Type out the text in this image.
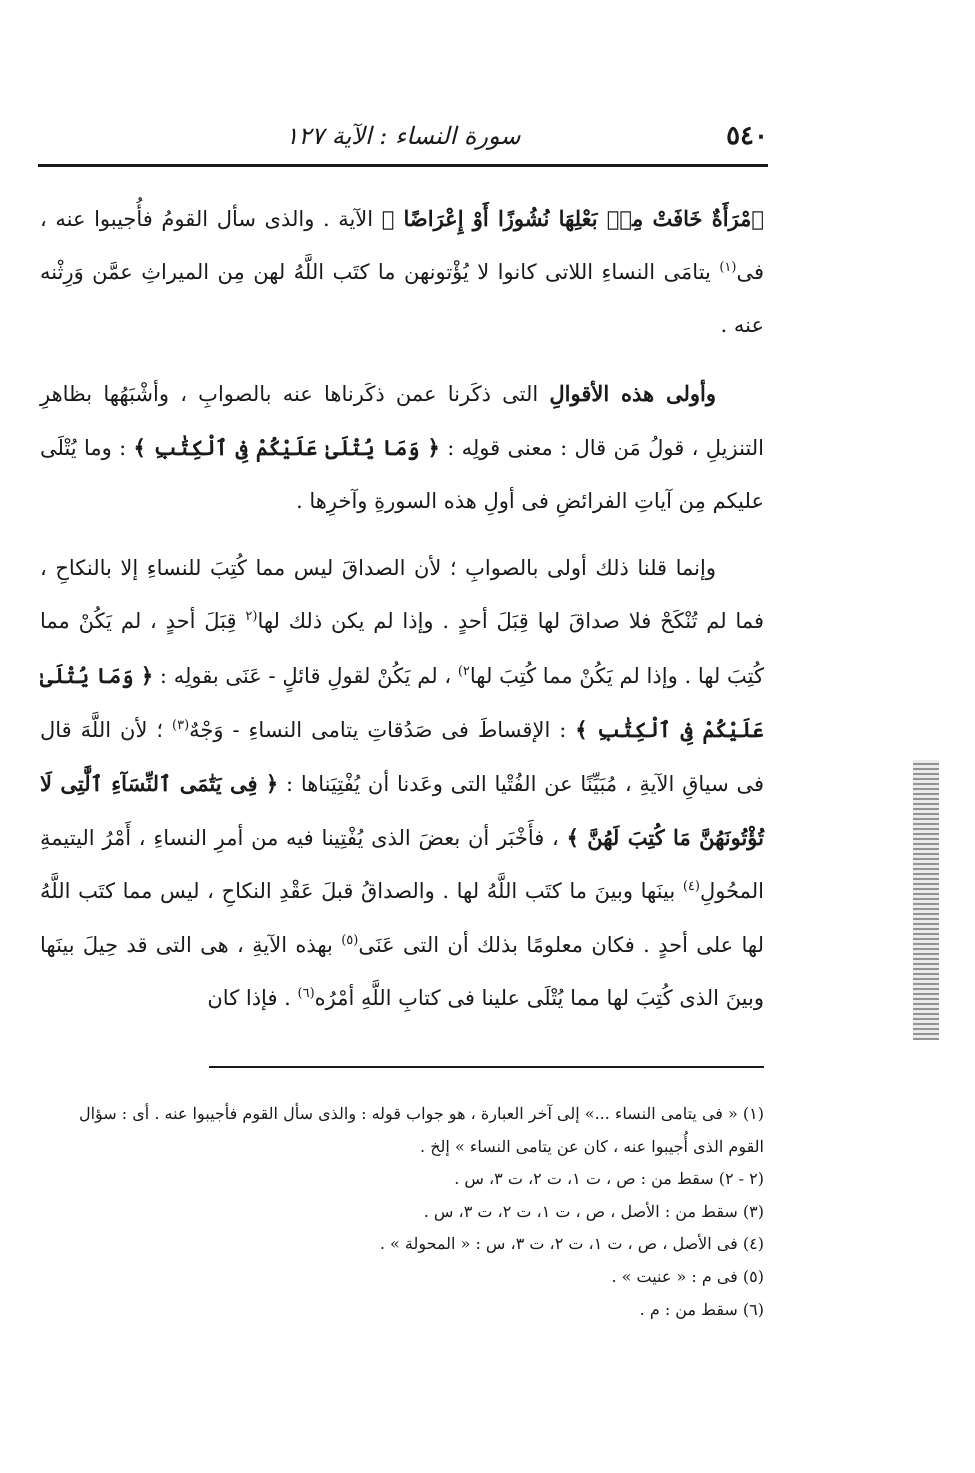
٥٤٠
سورة النساء : الآية ١٢٧

ٱمْرَأَةٌ خَافَتْ مِنۢ بَعْلِهَا نُشُوزًا أَوْ إِعْرَاضًا ﴾ الآية . والذى سأل القومُ فأُجيبوا عنه ، فى$^{(١)}$ يتامَى النساءِ اللاتى كانوا لا يُؤْتونهن ما كتَب اللَّهُ لهن مِن الميراثِ عمَّن وَرِثْنه عنه .

وأولى هذه الأقوالِ التى ذكَرنا عمن ذكَرناها عنه بالصوابِ ، وأشْبَهُها بظاهرِ التنزيلِ ، قولُ مَن قال : معنى قولِه : ﴿ وَمَا يُتْلَىٰ عَلَيْكُمْ فِى ٱلْكِتَٰبِ ﴾ : وما يُتْلَى عليكم مِن آياتِ الفرائضِ فى أولِ هذه السورةِ وآخرِها .

وإنما قلنا ذلك أولى بالصوابِ ؛ لأن الصداقَ ليس مما كُتِبَ للنساءِ إلا بالنكاحِ ، فما لم تُنْكَحْ فلا صداقَ لها قِبَلَ أحدٍ . وإذا لم يكن ذلك لها$^{(٢}$ قِبَلَ أحدٍ ، لم يَكُنْ مما كُتِبَ لها . وإذا لم يَكُنْ مما كُتِبَ لها$^{٢)}$ ، لم يَكُنْ لقولِ قائلٍ - عَنَى بقولِه : ﴿ وَمَا يُتْلَىٰ عَلَيْكُمْ فِى ٱلْكِتَٰبِ ﴾ : الإقساطَ فى صَدُقاتِ يتامى النساءِ - وَجْهٌ$^{(٣)}$ ؛ لأن اللَّهَ قال فى سياقِ الآيةِ ، مُبَيِّنًا عن الفُتْيا التى وعَدنا أن يُفْتِيَناها : ﴿ فِى يَتَٰمَى ٱلنِّسَآءِ ٱلَّٰتِى لَا تُؤْتُونَهُنَّ مَا كُتِبَ لَهُنَّ ﴾ ، فأَخْبَر أن بعضَ الذى يُفْتِينا فيه من أمرِ النساءِ ، أَمْرُ اليتيمةِ المحُولِ$^{(٤)}$ بينَها وبينَ ما كتَب اللَّهُ لها . والصداقُ قبلَ عَقْدِ النكاحِ ، ليس مما كتَب اللَّهُ لها على أحدٍ . فكان معلومًا بذلك أن التى عَنَى$^{(٥)}$ بهذه الآيةِ ، هى التى قد حِيلَ بينَها وبينَ الذى كُتِبَ لها مما يُتْلَى علينا فى كتابِ اللَّهِ أمْرُه$^{(٦)}$ . فإذا كان

(١) « فى يتامى النساء ...» إلى آخر العبارة ، هو جواب قوله : والذى سأل القوم فأجيبوا عنه . أى : سؤال

القوم الذى أُجيبوا عنه ، كان عن يتامى النساء » إلخ .

(٢ - ٢) سقط من : ص ، ت ١، ت ٢، ت ٣، س .

(٣) سقط من : الأصل ، ص ، ت ١، ت ٢، ت ٣، س .

(٤) فى الأصل ، ص ، ت ١، ت ٢، ت ٣، س : « المحولة » .

(٥) فى م : « عنيت » .

(٦) سقط من : م .
